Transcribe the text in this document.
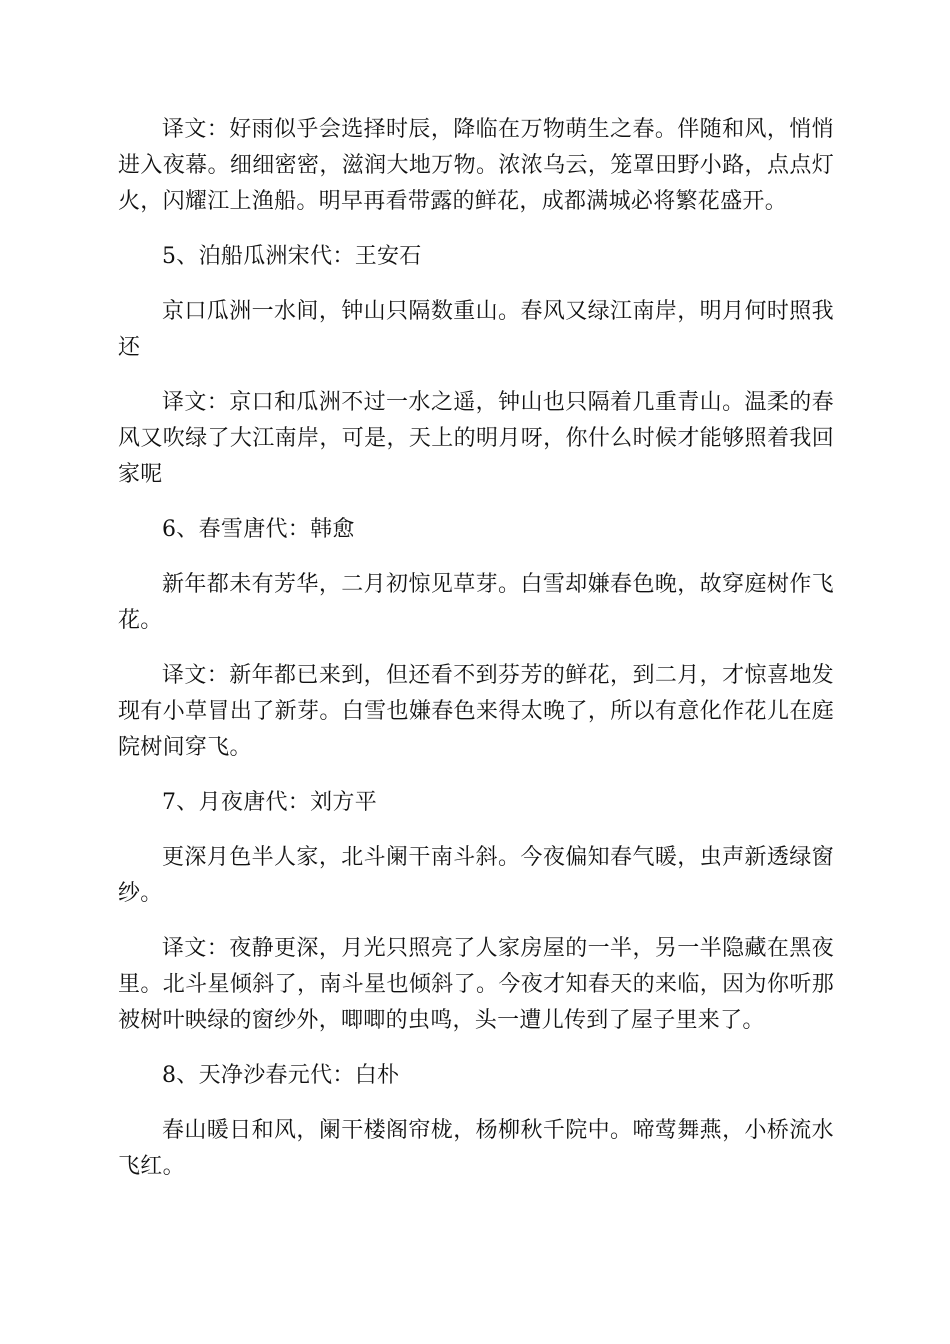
译文：好雨似乎会选择时辰，降临在万物萌生之春。伴随和风，悄悄进入夜幕。细细密密，滋润大地万物。浓浓乌云，笼罩田野小路，点点灯火，闪耀江上渔船。明早再看带露的鲜花，成都满城必将繁花盛开。

5、泊船瓜洲宋代：王安石

京口瓜洲一水间，钟山只隔数重山。春风又绿江南岸，明月何时照我还

译文：京口和瓜洲不过一水之遥，钟山也只隔着几重青山。温柔的春风又吹绿了大江南岸，可是，天上的明月呀，你什么时候才能够照着我回家呢

6、春雪唐代：韩愈

新年都未有芳华，二月初惊见草芽。白雪却嫌春色晚，故穿庭树作飞花。

译文：新年都已来到，但还看不到芬芳的鲜花，到二月，才惊喜地发现有小草冒出了新芽。白雪也嫌春色来得太晚了，所以有意化作花儿在庭院树间穿飞。

7、月夜唐代：刘方平

更深月色半人家，北斗阑干南斗斜。今夜偏知春气暖，虫声新透绿窗纱。

译文：夜静更深，月光只照亮了人家房屋的一半，另一半隐藏在黑夜里。北斗星倾斜了，南斗星也倾斜了。今夜才知春天的来临，因为你听那被树叶映绿的窗纱外，唧唧的虫鸣，头一遭儿传到了屋子里来了。

8、天净沙春元代：白朴

春山暖日和风，阑干楼阁帘栊，杨柳秋千院中。啼莺舞燕，小桥流水飞红。
